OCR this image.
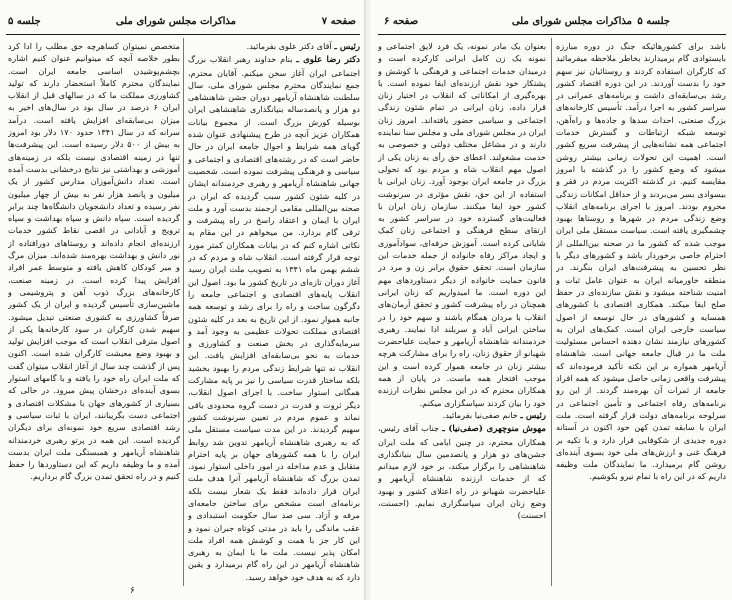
صفحه ۷
مذاکرات مجلس شورای ملی
جلسه ۵

رئیس ـ آقای دکتر علوی بفرمائید.

دکتر رضا علوی ـ بنام خداوند رهبر انقلاب بزرگ اجتماعی ایران آغاز سخن میکنم. آقایان محترم، جمع نمایندگان محترم مجلس شورای ملی، سال سلطنت شاهنشاه آریامهر دوران جشن شاهنشاهی دو هزار و پانصدساله بنیانگذاری شاهنشاهی ایران بوسیله کورش بزرگ است. از مجموع بیانات همکاران عزیز آنچه در طرح پیشنهادی عنوان شده گویای همه شرایط و احوال جامعه ایران در حال حاضر است که در رشته‌های اقتصادی و اجتماعی و سیاسی و فرهنگی پیشرفت نموده است. شخصیت جهانی شاهنشاه آریامهر و رهبری خردمندانه ایشان در کلیه شئون کشور سبب گردیده که ایران در صحنه بین‌المللی مقامی ارجمند بدست آورد و ملت ایران با ایمان و اعتقاد راسخ در راه پیشرفت و ترقی گام بردارد. من میخواهم در این مقام به نکاتی اشاره کنم که در بیانات همکاران کمتر مورد توجه قرار گرفته است. انقلاب شاه و مردم که در ششم بهمن ماه ۱۳۴۱ به تصویب ملت ایران رسید آغاز دوران تازه‌ای در تاریخ کشور ما بود. اصول این انقلاب پایه‌های اقتصادی و اجتماعی جامعه را دگرگون ساخت و راه را برای رشد و توسعه همه جانبه هموار نمود. از این تاریخ به بعد در کلیه شئون اقتصادی مملکت تحولات عظیمی به وجود آمد و سرمایه‌گذاری در بخش صنعت و کشاورزی و خدمات به نحو بی‌سابقه‌ای افزایش یافت. این انقلاب نه تنها شرایط زندگی مردم را بهبود بخشید بلکه ساختار قدرت سیاسی را نیز بر پایه مشارکت همگانی استوار ساخت. با اجرای اصول انقلاب، دیگر ثروت و قدرت در دست گروه محدودی باقی نماند و عموم مردم در تعیین سرنوشت کشور سهیم گردیدند. در این مدت سیاست مستقل ملی که به رهبری شاهنشاه آریامهر تدوین شد روابط ایران را با همه کشورهای جهان بر پایه احترام متقابل و عدم مداخله در امور داخلی استوار نمود. تمدن بزرگ که شاهنشاه آریامهر آنرا هدف ملت ایران قرار داده‌اند فقط یک شعار نیست بلکه برنامه‌ای است مشخص برای ساختن جامعه‌ای مرفه و آزاد. سی صد سال حکومت استبدادی و عقب ماندگی را باید در مدتی کوتاه جبران نمود و این کار جز با همت و کوشش همه افراد ملت امکان پذیر نیست. ملت ما با ایمان به رهبری شاهنشاه آریامهر در این راه گام برمیدارد و یقین دارد که به هدف خود خواهد رسید.

متخصص نمیتوان کساهرچه حق مطلب را ادا کرد بطور خلاصه آنچه که میتوانیم عنوان کنیم اشاره بچشم‌پوشیدن اساسی جامعه ایران است. نمایندگان محترم کاملاً استحضار دارند که تولید کشاورزی مملکت ما که در سالهای قبل از انقلاب ایران ۶ درصد در سال بود در سال‌های اخیر به میزان بی‌سابقه‌ای افزایش یافته است. درآمد سرانه که در سال ۱۳۴۱ حدود ۱۷۰ دلار بود امروز به بیش از ۵۰۰ دلار رسیده است. این پیشرفت‌ها تنها در زمینه اقتصادی نیست بلکه در زمینه‌های آموزشی و بهداشتی نیز نتایج درخشانی بدست آمده است. تعداد دانش‌آموزان مدارس کشور از یک میلیون و پانصد هزار نفر به بیش از چهار میلیون نفر رسیده و تعداد دانشجویان دانشگاه‌ها چند برابر گردیده است. سپاه دانش و سپاه بهداشت و سپاه ترویج و آبادانی در اقصی نقاط کشور خدمات ارزنده‌ای انجام داده‌اند و روستاهای دورافتاده از نور دانش و بهداشت بهره‌مند شده‌اند. میزان مرگ و میر کودکان کاهش یافته و متوسط عمر افراد افزایش پیدا کرده است. در زمینه صنعت، کارخانه‌های بزرگ ذوب آهن و پتروشیمی و ماشین‌سازی تأسیس گردیده و ایران از یک کشور صرفاً کشاورزی به کشوری صنعتی تبدیل میشود. سهیم شدن کارگران در سود کارخانه‌ها یکی از اصول مترقی انقلاب است که موجب افزایش تولید و بهبود وضع معیشت کارگران شده است. اکنون پس از گذشت چند سال از آغاز انقلاب میتوان گفت که ملت ایران راه خود را یافته و با گامهای استوار بسوی آینده‌ای درخشان پیش میرود. در حالی که بسیاری از کشورهای جهان با مشکلات اقتصادی و اجتماعی دست بگریبانند، ایران با ثبات سیاسی و رشد اقتصادی سریع خود نمونه‌ای برای دیگران گردیده است. این همه در پرتو رهبری خردمندانه شاهنشاه آریامهر و همبستگی ملت ایران بدست آمده و ما وظیفه داریم که این دستاوردها را حفظ کنیم و در راه تحقق تمدن بزرگ گام برداریم.

۶
صفحه ۶	مذاکرات مجلس شورای ملی جلسه ۵

باشد برای کشورهائیکه جنگ در دوره مبارزه بایستوادی گام برمیدارند بخاطر ملاحظه میفرمائید که کارگران استفاده کردند و روستائیان نیز سهم خود را بدست آوردند. در این دوره اقتصاد کشور رشد بی‌سابقه‌ای داشت و برنامه‌های عمرانی در سراسر کشور به اجرا درآمد. تأسیس کارخانه‌های بزرگ صنعتی، احداث سدها و جاده‌ها و راه‌آهن، توسعه شبکه ارتباطات و گسترش خدمات اجتماعی همه نشانه‌هایی از پیشرفت سریع کشور است. اهمیت این تحولات زمانی بیشتر روشن میشود که وضع کشور را در گذشته با امروز مقایسه کنیم. در گذشته اکثریت مردم در فقر و بیسوادی بسر می‌بردند و از حداقل امکانات زندگی محروم بودند. امروز با اجرای برنامه‌های انقلاب وضع زندگی مردم در شهرها و روستاها بهبود چشمگیری یافته است. سیاست مستقل ملی ایران موجب شده که کشور ما در صحنه بین‌المللی از احترام خاصی برخوردار باشد و کشورهای دیگر با نظر تحسین به پیشرفت‌های ایران بنگرند. در منطقه خاورمیانه ایران به عنوان عامل ثبات و امنیت شناخته میشود و نقش سازنده‌ای در حفظ صلح ایفا میکند. همکاری اقتصادی با کشورهای همسایه و کشورهای در حال توسعه از اصول سیاست خارجی ایران است. کمک‌های ایران به کشورهای نیازمند نشان دهنده احساس مسئولیت ملت ما در قبال جامعه جهانی است. شاهنشاه آریامهر همواره بر این نکته تأکید فرموده‌اند که پیشرفت واقعی زمانی حاصل میشود که همه افراد جامعه از ثمرات آن بهره‌مند گردند. از این رو برنامه‌های رفاه اجتماعی و تأمین اجتماعی در سرلوحه برنامه‌های دولت قرار گرفته است. ملت ایران با سابقه تمدن کهن خود اکنون در آستانه دوره جدیدی از شکوفایی قرار دارد و با تکیه بر فرهنگ غنی و ارزش‌های ملی خود بسوی آینده‌ای روشن گام برمیدارد. ما نمایندگان ملت وظیفه داریم که در این راه با تمام نیرو بکوشیم.

بعنوان یک مادر نمونه، یک فرد لایق اجتماعی و نمونه یک زن کامل ایرانی کارکرده است و درمیدان خدمات اجتماعی و فرهنگی با کوشش و پشتکار خود نقش ارزنده‌ای ایفا نموده است. با بهره‌گیری از امکاناتی که انقلاب در اختیار زنان قرار داده، زنان ایرانی در تمام شئون زندگی اجتماعی و سیاسی حضور یافته‌اند. امروز زنان ایران در مجلس شورای ملی و مجلس سنا نماینده دارند و در مشاغل مختلف دولتی و خصوصی به خدمت مشغولند. اعطای حق رأی به زنان یکی از اصول مهم انقلاب شاه و مردم بود که تحولی بزرگ در جامعه ایران بوجود آورد. زنان ایرانی با استفاده از این حق، نقش مؤثری در سرنوشت کشور خود ایفا میکنند. سازمان زنان ایران با فعالیت‌های گسترده خود در سراسر کشور به ارتقای سطح فرهنگی و اجتماعی زنان کمک شایانی کرده است. آموزش حرفه‌ای، سوادآموزی و ایجاد مراکز رفاه خانواده از جمله خدمات این سازمان است. تحقق حقوق برابر زن و مرد در قانون حمایت خانواده از دیگر دستاوردهای مهم این دوره است. ما امیدواریم که زنان ایرانی همچنان در راه پیشرفت کشور و تحقق آرمان‌های انقلاب با مردان همگام باشند و سهم خود را در ساختن ایرانی آباد و سربلند ادا نمایند. رهبری خردمندانه شاهنشاه آریامهر و حمایت علیاحضرت شهبانو از حقوق زنان، راه را برای مشارکت هرچه بیشتر زنان در جامعه هموار کرده است و این موجب افتخار همه ماست. در پایان از همه همکاران محترم که در این مجلس نظرات ارزنده خود را بیان کردند سپاسگزاری میکنم.

رئیس ـ خانم صفی‌نیا بفرمائید.

مهوش منوچهری (صفی‌نیا) ـ جناب آقای رئیس، همکاران محترم، در چنین ایامی که ملت ایران جشن‌های دو هزار و پانصدمین سال بنیانگذاری شاهنشاهی را برگزار میکند، بر خود لازم میدانم که از خدمات ارزنده شاهنشاه آریامهر و علیاحضرت شهبانو در راه اعتلای کشور و بهبود وضع زنان ایران سپاسگزاری نمایم. (احسنت، احسنت)
